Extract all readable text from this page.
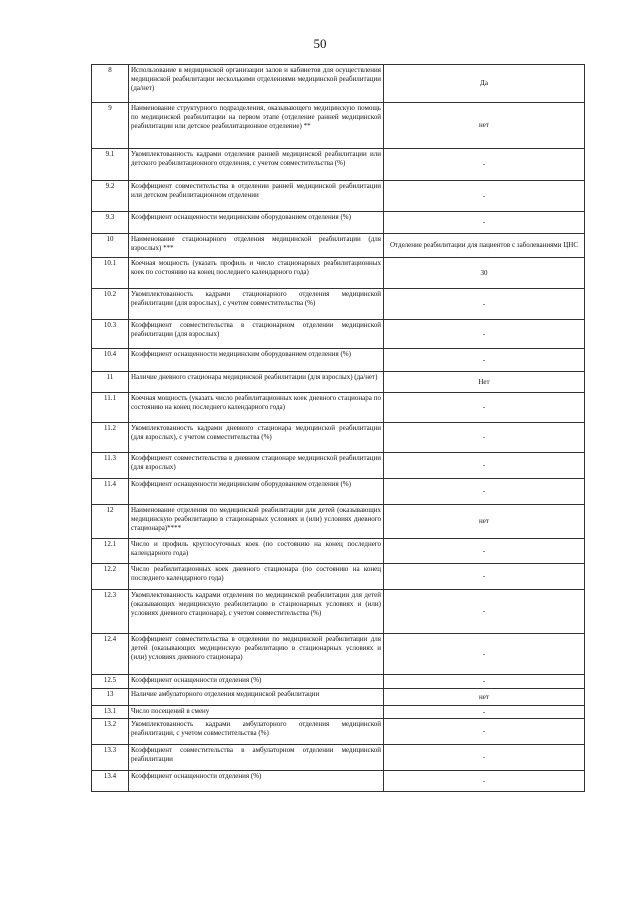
50
8	Использование в медицинской организации залов и кабинетов для осуществления медицинской реабилитации несколькими отделениями медицинской реабилитации (да/нет)	Да
9	Наименование структурного подразделения, оказывающего медицинскую помощь по медицинской реабилитации на первом этапе (отделение ранней медицинской реабилитации или детское реабилитационное отделение) **	нет
9.1	Укомплектованность кадрами отделения ранней медицинской реабилитации или детского реабилитационного отделения, с учетом совместительства (%)	-
9.2	Коэффициент совместительства в отделении ранней медицинской реабилитации или детском реабилитационном отделении	-
9.3	Коэффициент оснащенности медицинским оборудованием отделения (%)	-
10	Наименование стационарного отделения медицинской реабилитации (для взрослых) ***	Отделение реабилитации для пациентов с заболеваниями ЦНС
10.1	Коечная мощность (указать профиль и число стационарных реабилитационных коек по состоянию на конец последнего календарного года)	30
10.2	Укомплектованность кадрами стационарного отделения медицинской реабилитации (для взрослых), с учетом совместительства (%)	-
10.3	Коэффициент совместительства в стационарном отделении медицинской реабилитации (для взрослых)	-
10.4	Коэффициент оснащенности медицинским оборудованием отделения (%)	-
11	Наличие дневного стационара медицинской реабилитации (для взрослых) (да/нет)	Нет
11.1	Коечная мощность (указать число реабилитационных коек дневного стационара по состоянию на конец последнего календарного года)	-
11.2	Укомплектованность кадрами дневного стационара медицинской реабилитации (для взрослых), с учетом совместительства (%)	-
11.3	Коэффициент совместительства в дневном стационаре медицинской реабилитации (для взрослых)	-
11.4	Коэффициент оснащенности медицинским оборудованием отделения (%)	-
12	Наименование отделения по медицинской реабилитации для детей (оказывающих медицинскую реабилитацию в стационарных условиях и (или) условиях дневного стационара)****	нет
12.1	Число и профиль круглосуточных коек (по состоянию на конец последнего календарного года)	-
12.2	Число реабилитационных коек дневного стационара (по состоянию на конец последнего календарного года)	-
12.3	Укомплектованность кадрами отделения по медицинской реабилитации для детей (оказывающих медицинскую реабилитацию в стационарных условиях и (или) условиях дневного стационара), с учетом совместительства (%)	-
12.4	Коэффициент совместительства в отделении по медицинской реабилитации для детей (оказывающих медицинскую реабилитацию в стационарных условиях и (или) условиях дневного стационара)	-
12.5	Коэффициент оснащенности отделения (%)	-
13	Наличие амбулаторного отделения медицинской реабилитации	нет
13.1	Число посещений в смену	-
13.2	Укомплектованность кадрами амбулаторного отделения медицинской реабилитации, с учетом совместительства (%)	-
13.3	Коэффициент совместительства в амбулаторном отделении медицинской реабилитации	-
13.4	Коэффициент оснащенности отделения (%)	-
